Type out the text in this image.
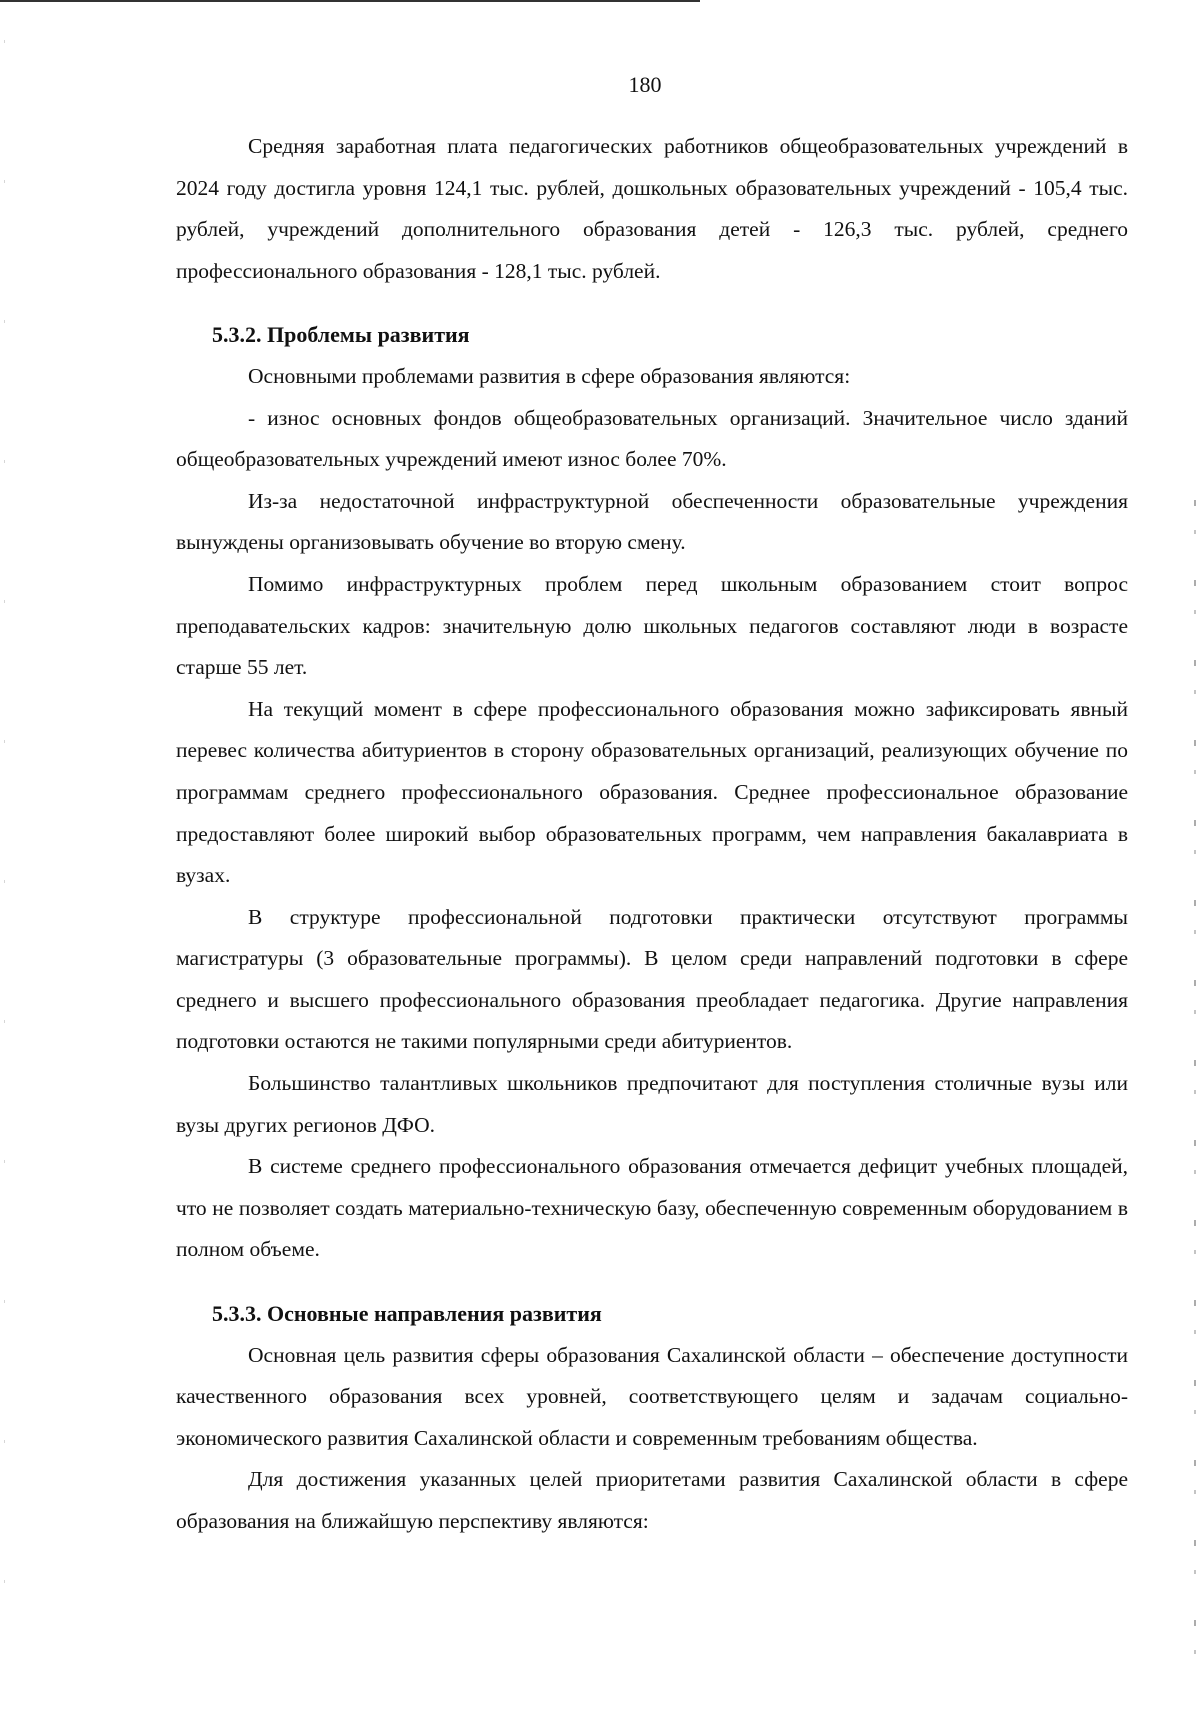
180

Средняя заработная плата педагогических работников общеобразовательных учреждений в 2024 году достигла уровня 124,1 тыс. рублей, дошкольных образовательных учреждений - 105,4 тыс. рублей, учреждений дополнительного образования детей - 126,3 тыс. рублей, среднего профессионального образования - 128,1 тыс. рублей.

5.3.2. Проблемы развития

Основными проблемами развития в сфере образования являются:

- износ основных фондов общеобразовательных организаций. Значительное число зданий общеобразовательных учреждений имеют износ более 70%.

Из-за недостаточной инфраструктурной обеспеченности образовательные учреждения вынуждены организовывать обучение во вторую смену.

Помимо инфраструктурных проблем перед школьным образованием стоит вопрос преподавательских кадров: значительную долю школьных педагогов составляют люди в возрасте старше 55 лет.

На текущий момент в сфере профессионального образования можно зафиксировать явный перевес количества абитуриентов в сторону образовательных организаций, реализующих обучение по программам среднего профессионального образования. Среднее профессиональное образование предоставляют более широкий выбор образовательных программ, чем направления бакалавриата в вузах.

В структуре профессиональной подготовки практически отсутствуют программы магистратуры (3 образовательные программы). В целом среди направлений подготовки в сфере среднего и высшего профессионального образования преобладает педагогика. Другие направления подготовки остаются не такими популярными среди абитуриентов.

Большинство талантливых школьников предпочитают для поступления столичные вузы или вузы других регионов ДФО.

В системе среднего профессионального образования отмечается дефицит учебных площадей, что не позволяет создать материально-техническую базу, обеспеченную современным оборудованием в полном объеме.

5.3.3. Основные направления развития

Основная цель развития сферы образования Сахалинской области – обеспечение доступности качественного образования всех уровней, соответствующего целям и задачам социально-экономического развития Сахалинской области и современным требованиям общества.

Для достижения указанных целей приоритетами развития Сахалинской области в сфере образования на ближайшую перспективу являются:
